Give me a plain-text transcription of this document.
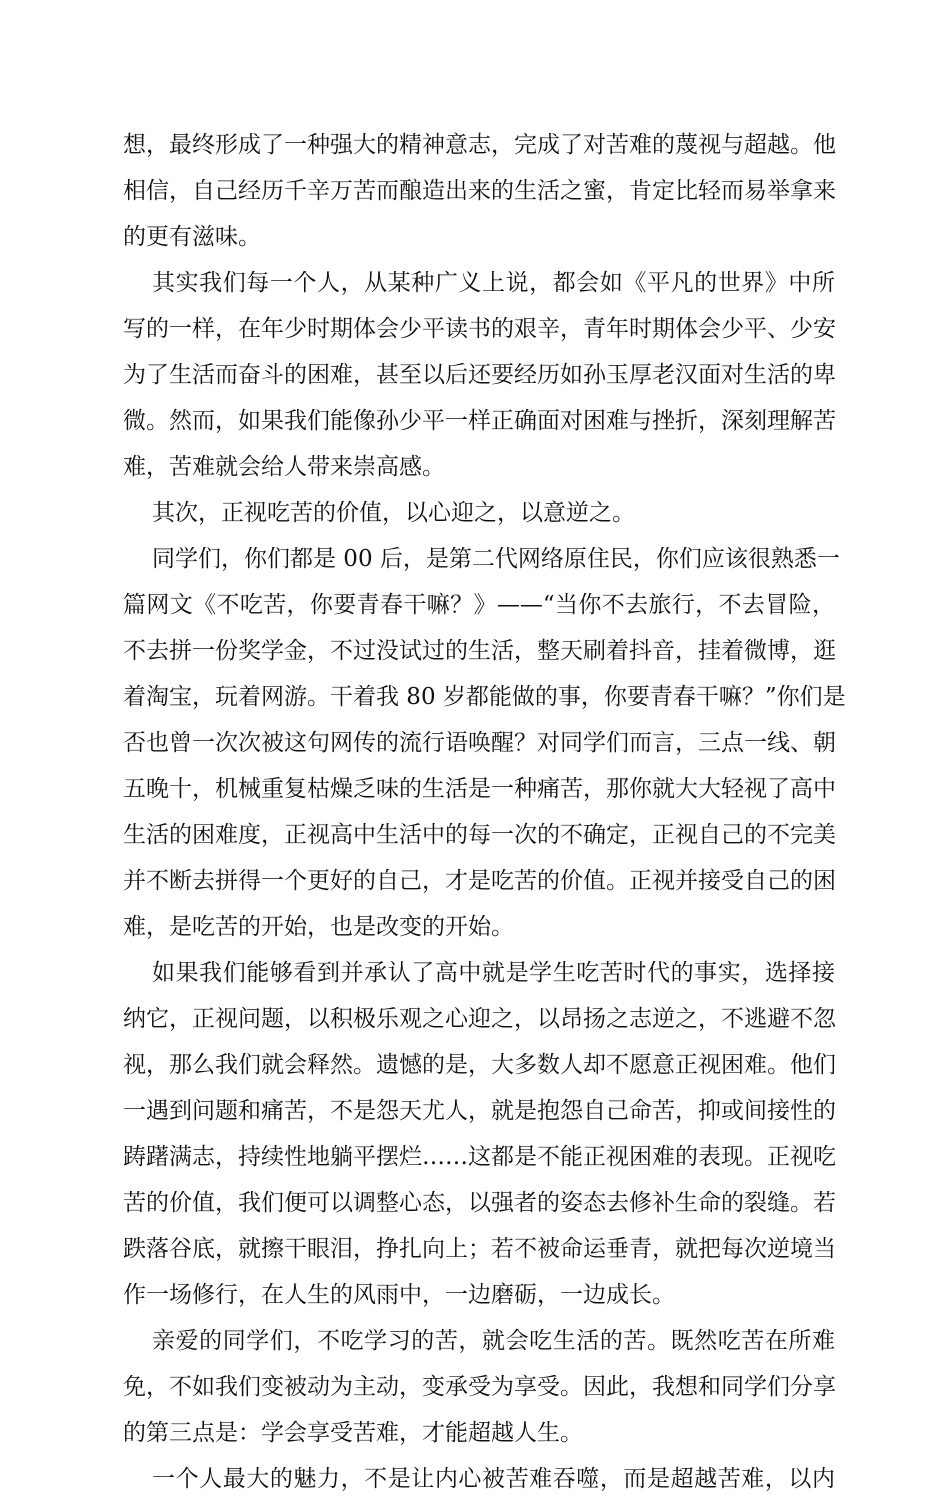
想，最终形成了一种强大的精神意志，完成了对苦难的蔑视与超越。他
相信，自己经历千辛万苦而酿造出来的生活之蜜，肯定比轻而易举拿来
的更有滋味。
其实我们每一个人，从某种广义上说，都会如《平凡的世界》中所
写的一样，在年少时期体会少平读书的艰辛，青年时期体会少平、少安
为了生活而奋斗的困难，甚至以后还要经历如孙玉厚老汉面对生活的卑
微。然而，如果我们能像孙少平一样正确面对困难与挫折，深刻理解苦
难，苦难就会给人带来崇高感。
其次，正视吃苦的价值，以心迎之，以意逆之。
同学们，你们都是 00 后，是第二代网络原住民，你们应该很熟悉一
篇网文《不吃苦，你要青春干嘛？》——“当你不去旅行，不去冒险，
不去拼一份奖学金，不过没试过的生活，整天刷着抖音，挂着微博，逛
着淘宝，玩着网游。干着我 80 岁都能做的事，你要青春干嘛？”你们是
否也曾一次次被这句网传的流行语唤醒？对同学们而言，三点一线、朝
五晚十，机械重复枯燥乏味的生活是一种痛苦，那你就大大轻视了高中
生活的困难度，正视高中生活中的每一次的不确定，正视自己的不完美
并不断去拼得一个更好的自己，才是吃苦的价值。正视并接受自己的困
难，是吃苦的开始，也是改变的开始。
如果我们能够看到并承认了高中就是学生吃苦时代的事实，选择接
纳它，正视问题，以积极乐观之心迎之，以昂扬之志逆之，不逃避不忽
视，那么我们就会释然。遗憾的是，大多数人却不愿意正视困难。他们
一遇到问题和痛苦，不是怨天尤人，就是抱怨自己命苦，抑或间接性的
踌躇满志，持续性地躺平摆烂……这都是不能正视困难的表现。正视吃
苦的价值，我们便可以调整心态，以强者的姿态去修补生命的裂缝。若
跌落谷底，就擦干眼泪，挣扎向上；若不被命运垂青，就把每次逆境当
作一场修行，在人生的风雨中，一边磨砺，一边成长。
亲爱的同学们，不吃学习的苦，就会吃生活的苦。既然吃苦在所难
免，不如我们变被动为主动，变承受为享受。因此，我想和同学们分享
的第三点是：学会享受苦难，才能超越人生。
一个人最大的魅力，不是让内心被苦难吞噬，而是超越苦难，以内
